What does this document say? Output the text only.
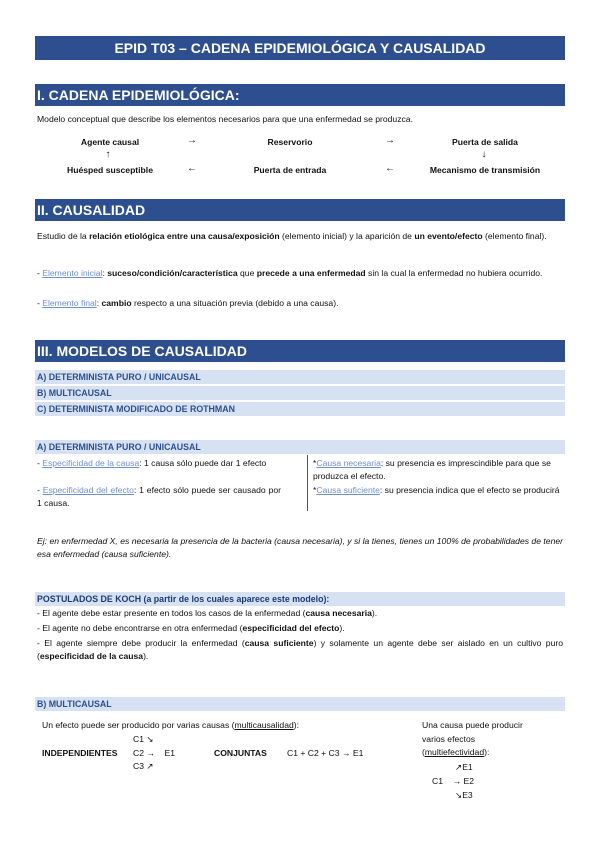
EPID T03 – CADENA EPIDEMIOLÓGICA Y CAUSALIDAD
I. CADENA EPIDEMIOLÓGICA:
Modelo conceptual que describe los elementos necesarios para que una enfermedad se produzca.
Agente causal	→	Reservorio	→	Puerta de salida
↑	↓
Huésped susceptible	←	Puerta de entrada	←	Mecanismo de transmisión
II. CAUSALIDAD
Estudio de la relación etiológica entre una causa/exposición (elemento inicial) y la aparición de un evento/efecto (elemento final).
- Elemento inicial: suceso/condición/característica que precede a una enfermedad sin la cual la enfermedad no hubiera ocurrido.
- Elemento final: cambio respecto a una situación previa (debido a una causa).
III. MODELOS DE CAUSALIDAD
A) DETERMINISTA PURO / UNICAUSAL
B) MULTICAUSAL
C) DETERMINISTA MODIFICADO DE ROTHMAN
A) DETERMINISTA PURO / UNICAUSAL
- Especificidad de la causa: 1 causa sólo puede dar 1 efecto
- Especificidad del efecto: 1 efecto sólo puede ser causado por 1 causa.
*Causa necesaria: su presencia es imprescindible para que se produzca el efecto.
*Causa suficiente: su presencia indica que el efecto se producirá
Ej: en enfermedad X, es necesaria la presencia de la bacteria (causa necesaria), y si la tienes, tienes un 100% de probabilidades de tener esa enfermedad (causa suficiente).
POSTULADOS DE KOCH (a partir de los cuales aparece este modelo):
- El agente debe estar presente en todos los casos de la enfermedad (causa necesaria).
- El agente no debe encontrarse en otra enfermedad (especificidad del efecto).
- El agente siempre debe producir la enfermedad (causa suficiente) y solamente un agente debe ser aislado en un cultivo puro (especificidad de la causa).
B) MULTICAUSAL
Un efecto puede ser producido por varias causas (multicausalidad):
C1 ↘
INDEPENDIENTES C2 →    E1
C3 ↗
CONJUNTAS C1 + C2 + C3 → E1
Una causa puede producir
varios efectos
(multiefectividad):
↗E1
C1    → E2
↘E3
